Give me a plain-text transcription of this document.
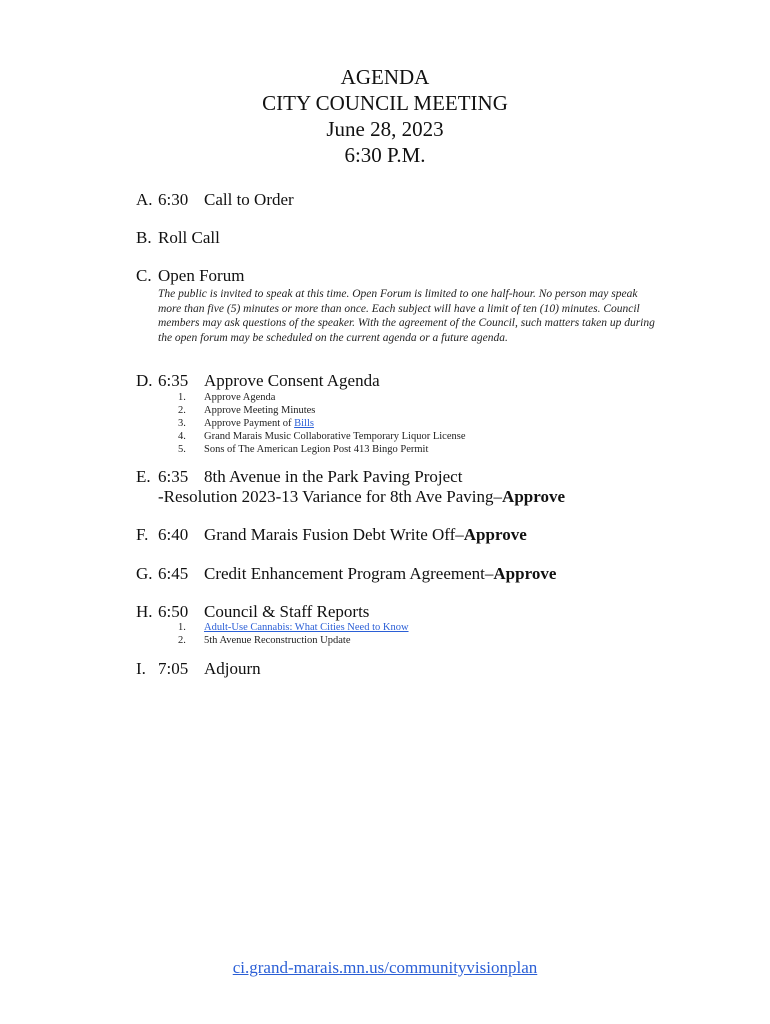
AGENDA
CITY COUNCIL MEETING
June 28, 2023
6:30 P.M.
A. 6:30 Call to Order
B. Roll Call
C. Open Forum
The public is invited to speak at this time. Open Forum is limited to one half-hour. No person may speak more than five (5) minutes or more than once. Each subject will have a limit of ten (10) minutes. Council members may ask questions of the speaker. With the agreement of the Council, such matters taken up during the open forum may be scheduled on the current agenda or a future agenda.
D. 6:35 Approve Consent Agenda
1. Approve Agenda
2. Approve Meeting Minutes
3. Approve Payment of Bills
4. Grand Marais Music Collaborative Temporary Liquor License
5. Sons of The American Legion Post 413 Bingo Permit
E. 6:35 8th Avenue in the Park Paving Project
-Resolution 2023-13 Variance for 8th Ave Paving–Approve
F. 6:40 Grand Marais Fusion Debt Write Off–Approve
G. 6:45 Credit Enhancement Program Agreement–Approve
H. 6:50 Council & Staff Reports
1. Adult-Use Cannabis: What Cities Need to Know
2. 5th Avenue Reconstruction Update
I. 7:05 Adjourn
ci.grand-marais.mn.us/communityvisionplan
